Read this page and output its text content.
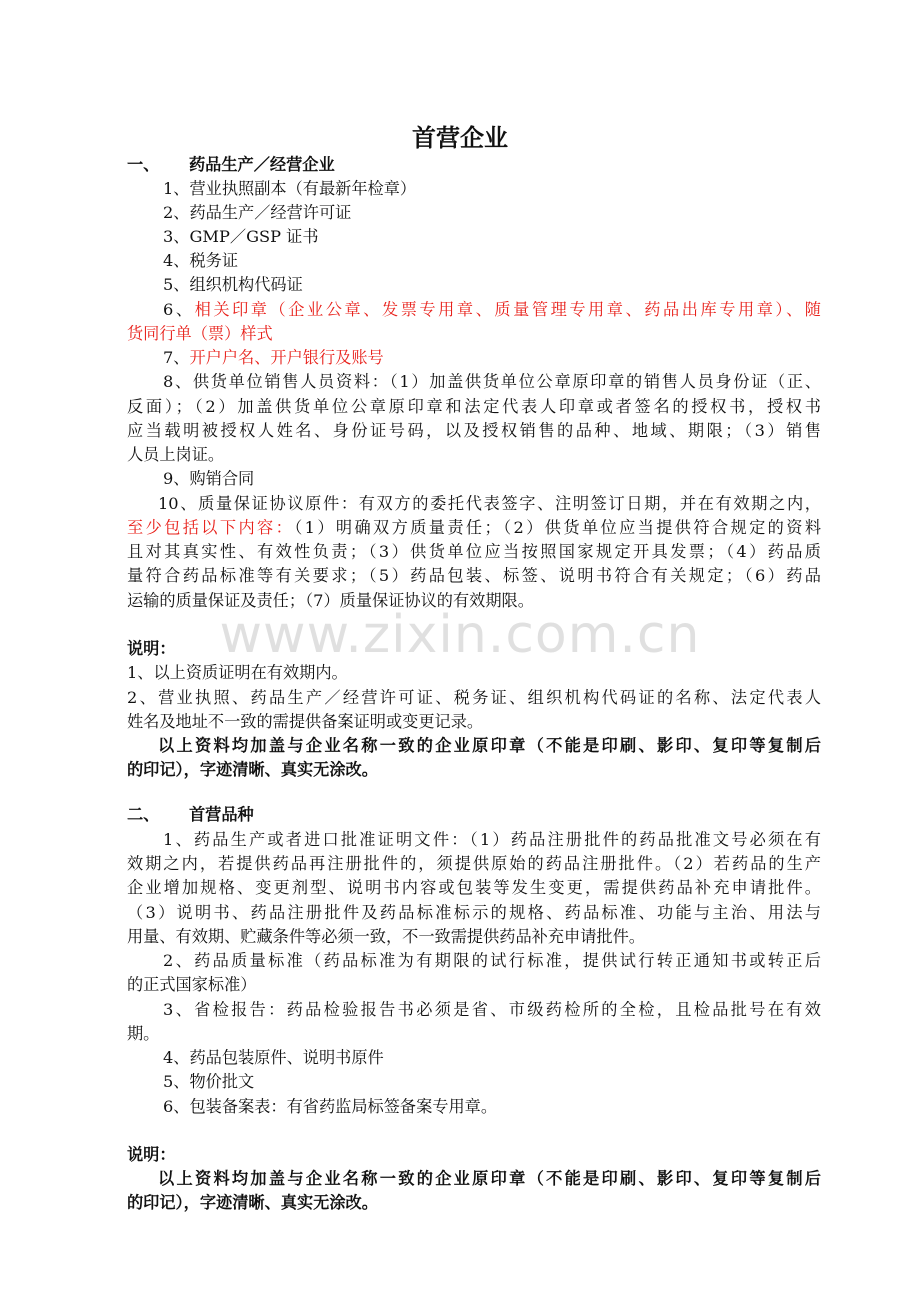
首营企业
一、 药品生产／经营企业
1、营业执照副本（有最新年检章）
2、药品生产／经营许可证
3、GMP／GSP 证书
4、税务证
5、组织机构代码证
6、相关印章（企业公章、发票专用章、质量管理专用章、药品出库专用章）、随
货同行单（票）样式
7、开户户名、开户银行及账号
8、供货单位销售人员资料：（1）加盖供货单位公章原印章的销售人员身份证（正、
反面）；（2）加盖供货单位公章原印章和法定代表人印章或者签名的授权书，授权书
应当载明被授权人姓名、身份证号码，以及授权销售的品种、地域、期限；（3）销售
人员上岗证。
9、购销合同
10、质量保证协议原件：有双方的委托代表签字、注明签订日期，并在有效期之内，
至少包括以下内容：（1）明确双方质量责任；（2）供货单位应当提供符合规定的资料
且对其真实性、有效性负责；（3）供货单位应当按照国家规定开具发票；（4）药品质
量符合药品标准等有关要求；（5）药品包装、标签、说明书符合有关规定；（6）药品
运输的质量保证及责任；（7）质量保证协议的有效期限。
www.zixin.com.cn
说明：
1、以上资质证明在有效期内。
2、营业执照、药品生产／经营许可证、税务证、组织机构代码证的名称、法定代表人
姓名及地址不一致的需提供备案证明或变更记录。
以上资料均加盖与企业名称一致的企业原印章（不能是印刷、影印、复印等复制后
的印记），字迹清晰、真实无涂改。
二、 首营品种
1、药品生产或者进口批准证明文件：（1）药品注册批件的药品批准文号必须在有
效期之内，若提供药品再注册批件的，须提供原始的药品注册批件。（2）若药品的生产
企业增加规格、变更剂型、说明书内容或包装等发生变更，需提供药品补充申请批件。
（3）说明书、药品注册批件及药品标准标示的规格、药品标准、功能与主治、用法与
用量、有效期、贮藏条件等必须一致，不一致需提供药品补充申请批件。
2、药品质量标准（药品标准为有期限的试行标准，提供试行转正通知书或转正后
的正式国家标准）
3、省检报告：药品检验报告书必须是省、市级药检所的全检，且检品批号在有效
期。
4、药品包装原件、说明书原件
5、物价批文
6、包装备案表：有省药监局标签备案专用章。
说明：
以上资料均加盖与企业名称一致的企业原印章（不能是印刷、影印、复印等复制后
的印记），字迹清晰、真实无涂改。
